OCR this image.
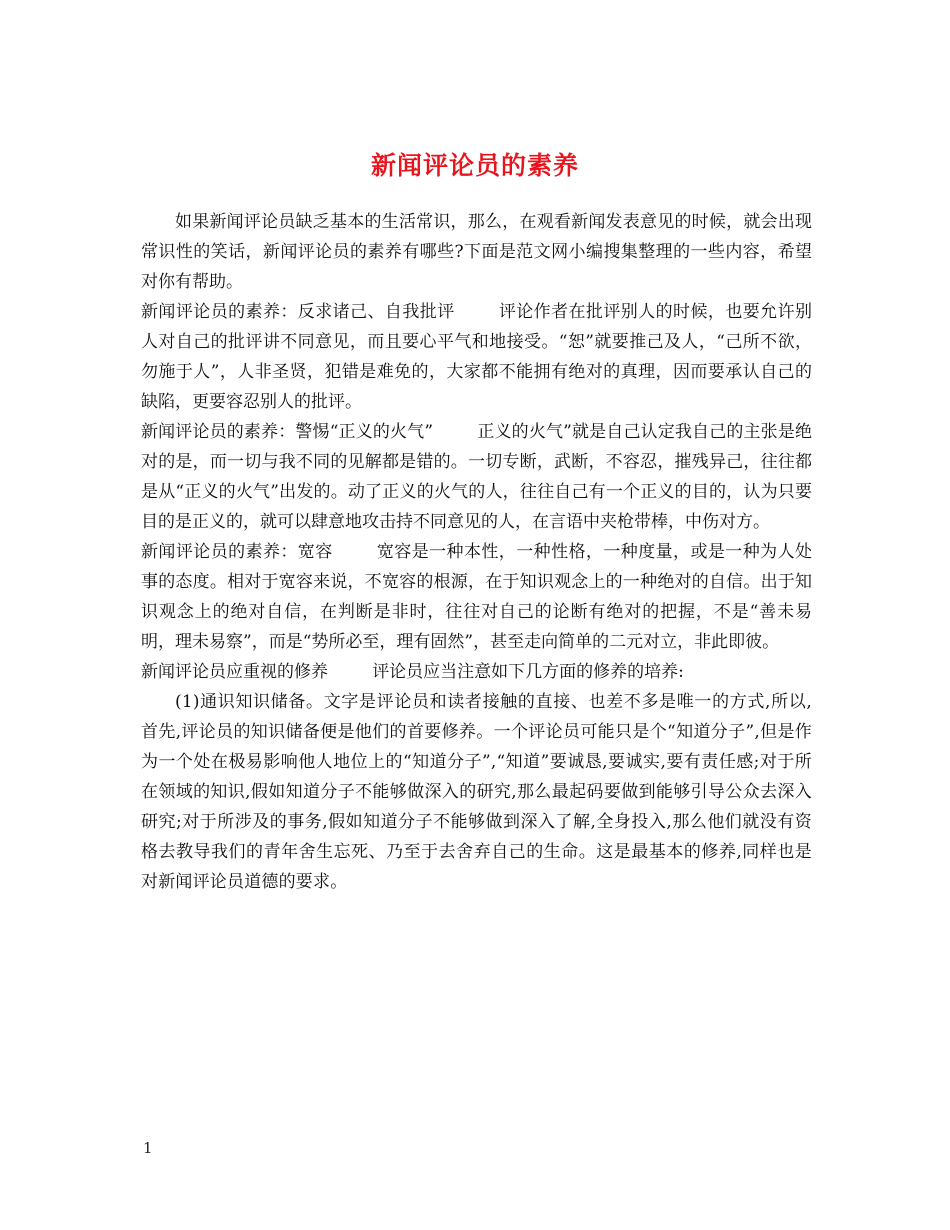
新闻评论员的素养

如果新闻评论员缺乏基本的生活常识，那么，在观看新闻发表意见的时候，就会出现常识性的笑话，新闻评论员的素养有哪些?下面是范文网小编搜集整理的一些内容，希望对你有帮助。

新闻评论员的素养：反求诸己、自我批评	评论作者在批评别人的时候，也要允许别人对自己的批评讲不同意见，而且要心平气和地接受。“恕”就要推己及人，“己所不欲，勿施于人”，人非圣贤，犯错是难免的，大家都不能拥有绝对的真理，因而要承认自己的缺陷，更要容忍别人的批评。

新闻评论员的素养：警惕“正义的火气”	正义的火气”就是自己认定我自己的主张是绝对的是，而一切与我不同的见解都是错的。一切专断，武断，不容忍，摧残异己，往往都是从“正义的火气”出发的。动了正义的火气的人，往往自己有一个正义的目的，认为只要目的是正义的，就可以肆意地攻击持不同意见的人，在言语中夹枪带棒，中伤对方。

新闻评论员的素养：宽容	宽容是一种本性，一种性格，一种度量，或是一种为人处事的态度。相对于宽容来说，不宽容的根源，在于知识观念上的一种绝对的自信。出于知识观念上的绝对自信，在判断是非时，往往对自己的论断有绝对的把握，不是“善未易明，理未易察”，而是“势所必至，理有固然”，甚至走向简单的二元对立，非此即彼。

新闻评论员应重视的修养	评论员应当注意如下几方面的修养的培养:

(1)通识知识储备。文字是评论员和读者接触的直接、也差不多是唯一的方式,所以,首先,评论员的知识储备便是他们的首要修养。一个评论员可能只是个“知道分子”,但是作为一个处在极易影响他人地位上的“知道分子”,“知道”要诚恳,要诚实,要有责任感;对于所在领域的知识,假如知道分子不能够做深入的研究,那么最起码要做到能够引导公众去深入研究;对于所涉及的事务,假如知道分子不能够做到深入了解,全身投入,那么他们就没有资格去教导我们的青年舍生忘死、乃至于去舍弃自己的生命。这是最基本的修养,同样也是对新闻评论员道德的要求。

1
